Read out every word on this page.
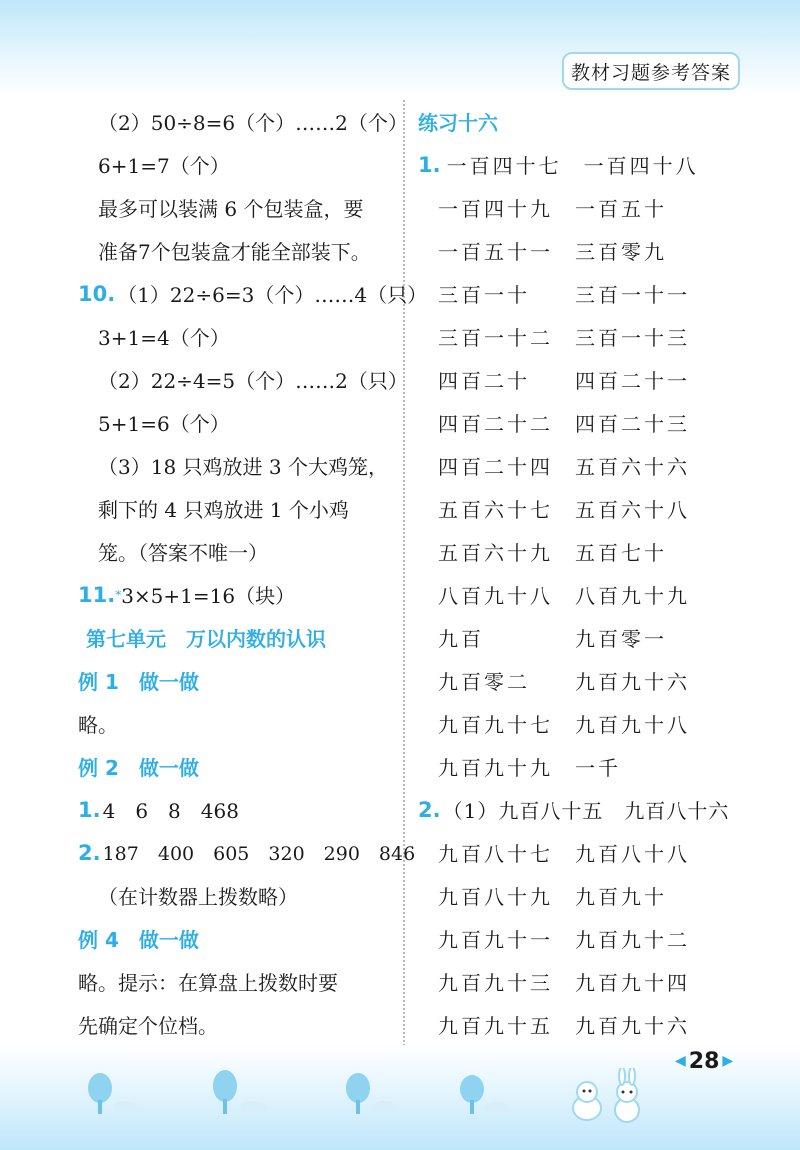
教材习题参考答案
（2）50÷8=6（个）……2（个）
6+1=7（个）
最多可以装满 6 个包装盒，要
准备7个包装盒才能全部装下。
10. （1）22÷6=3（个）……4（只）
3+1=4（个）
（2）22÷4=5（个）……2（只）
5+1=6（个）
（3）18 只鸡放进 3 个大鸡笼，
剩下的 4 只鸡放进 1 个小鸡
笼。（答案不唯一）
11. * 3×5+1=16（块）
第七单元　万以内数的认识
例 1　做一做
略。
例 2　做一做
1. 4　6　8　468
2. 187　400　605　320　290　846
（在计数器上拨数略）
例 4　做一做
略。提示：在算盘上拨数时要
先确定个位档。
练习十六
1. 一百四十七	一百四十八
一百四十九	一百五十
一百五十一	三百零九
三百一十	三百一十一
三百一十二	三百一十三
四百二十	四百二十一
四百二十二	四百二十三
四百二十四	五百六十六
五百六十七	五百六十八
五百六十九	五百七十
八百九十八	八百九十九
九百	九百零一
九百零二	九百九十六
九百九十七	九百九十八
九百九十九	一千
2. （1）九百八十五　九百八十六
九百八十七	九百八十八
九百八十九	九百九十
九百九十一	九百九十二
九百九十三	九百九十四
九百九十五	九百九十六
◀ 28 ▶
